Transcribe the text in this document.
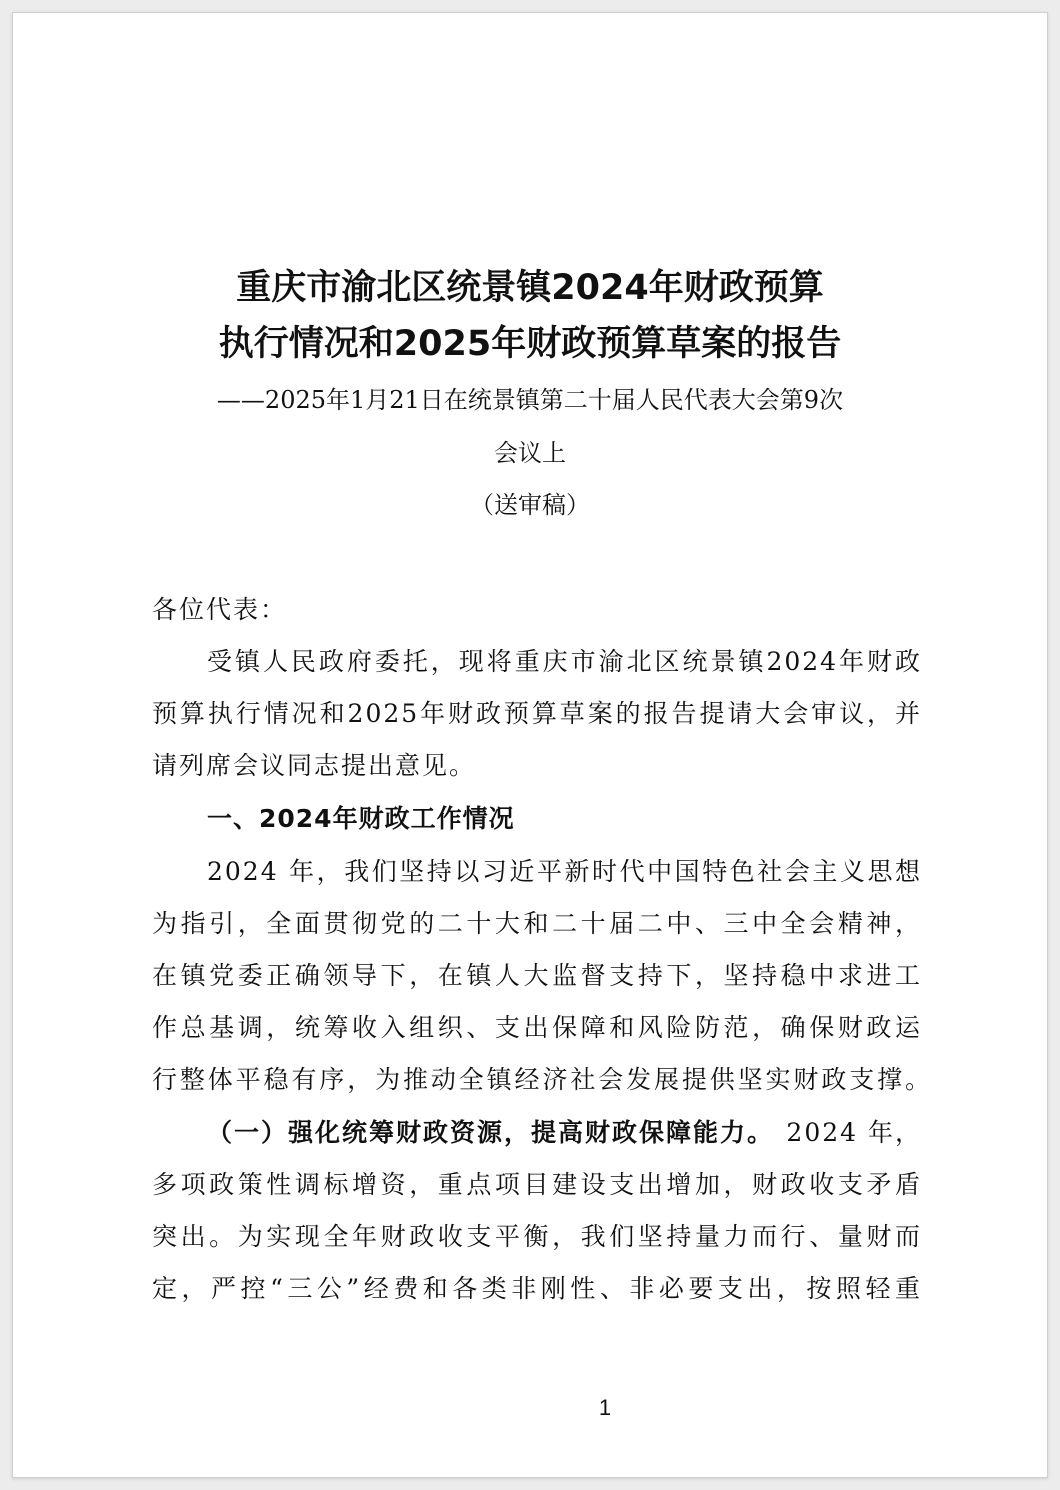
重庆市渝北区统景镇2024年财政预算
执行情况和2025年财政预算草案的报告
——2025年1月21日在统景镇第二十届人民代表大会第9次
会议上
（送审稿）
各位代表：
受镇人民政府委托，现将重庆市渝北区统景镇2024年财政
预算执行情况和2025年财政预算草案的报告提请大会审议，并
请列席会议同志提出意见。
一、2024年财政工作情况
2024 年，我们坚持以习近平新时代中国特色社会主义思想
为指引，全面贯彻党的二十大和二十届二中、三中全会精神，
在镇党委正确领导下，在镇人大监督支持下，坚持稳中求进工
作总基调，统筹收入组织、支出保障和风险防范，确保财政运
行整体平稳有序，为推动全镇经济社会发展提供坚实财政支撑。
（一）强化统筹财政资源，提高财政保障能力。 2024 年，
多项政策性调标增资，重点项目建设支出增加，财政收支矛盾
突出。为实现全年财政收支平衡，我们坚持量力而行、量财而
定，严控“三公”经费和各类非刚性、非必要支出，按照轻重
1
